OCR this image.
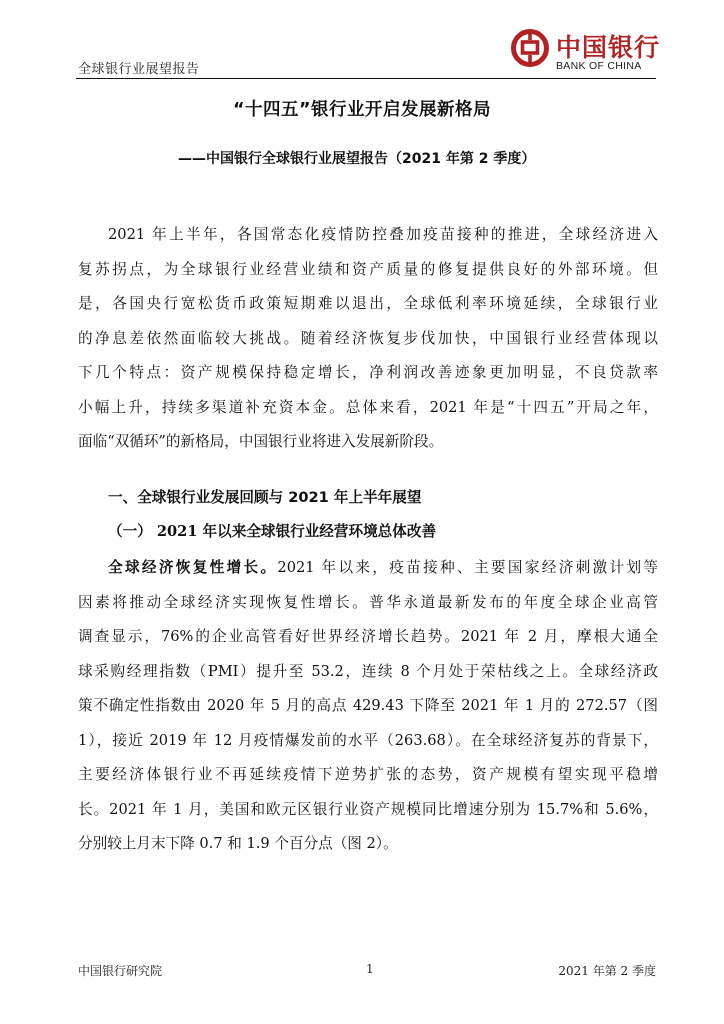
全球银行业展望报告
中国银行
BANK OF CHINA
“十四五”银行业开启发展新格局
——中国银行全球银行业展望报告（2021 年第 2 季度）
2021 年上半年，各国常态化疫情防控叠加疫苗接种的推进，全球经济进入
复苏拐点，为全球银行业经营业绩和资产质量的修复提供良好的外部环境。但
是，各国央行宽松货币政策短期难以退出，全球低利率环境延续，全球银行业
的净息差依然面临较大挑战。随着经济恢复步伐加快，中国银行业经营体现以
下几个特点：资产规模保持稳定增长，净利润改善迹象更加明显，不良贷款率
小幅上升，持续多渠道补充资本金。总体来看，2021 年是“十四五”开局之年，
面临“双循环”的新格局，中国银行业将进入发展新阶段。
一、全球银行业发展回顾与 2021 年上半年展望
（一） 2021 年以来全球银行业经营环境总体改善
全球经济恢复性增长。2021 年以来，疫苗接种、主要国家经济刺激计划等
因素将推动全球经济实现恢复性增长。普华永道最新发布的年度全球企业高管
调查显示，76%的企业高管看好世界经济增长趋势。2021 年 2 月，摩根大通全
球采购经理指数（PMI）提升至 53.2，连续 8 个月处于荣枯线之上。全球经济政
策不确定性指数由 2020 年 5 月的高点 429.43 下降至 2021 年 1 月的 272.57（图
1），接近 2019 年 12 月疫情爆发前的水平（263.68）。在全球经济复苏的背景下，
主要经济体银行业不再延续疫情下逆势扩张的态势，资产规模有望实现平稳增
长。2021 年 1 月，美国和欧元区银行业资产规模同比增速分别为 15.7%和 5.6%，
分别较上月末下降 0.7 和 1.9 个百分点（图 2）。
中国银行研究院	1	2021 年第 2 季度
